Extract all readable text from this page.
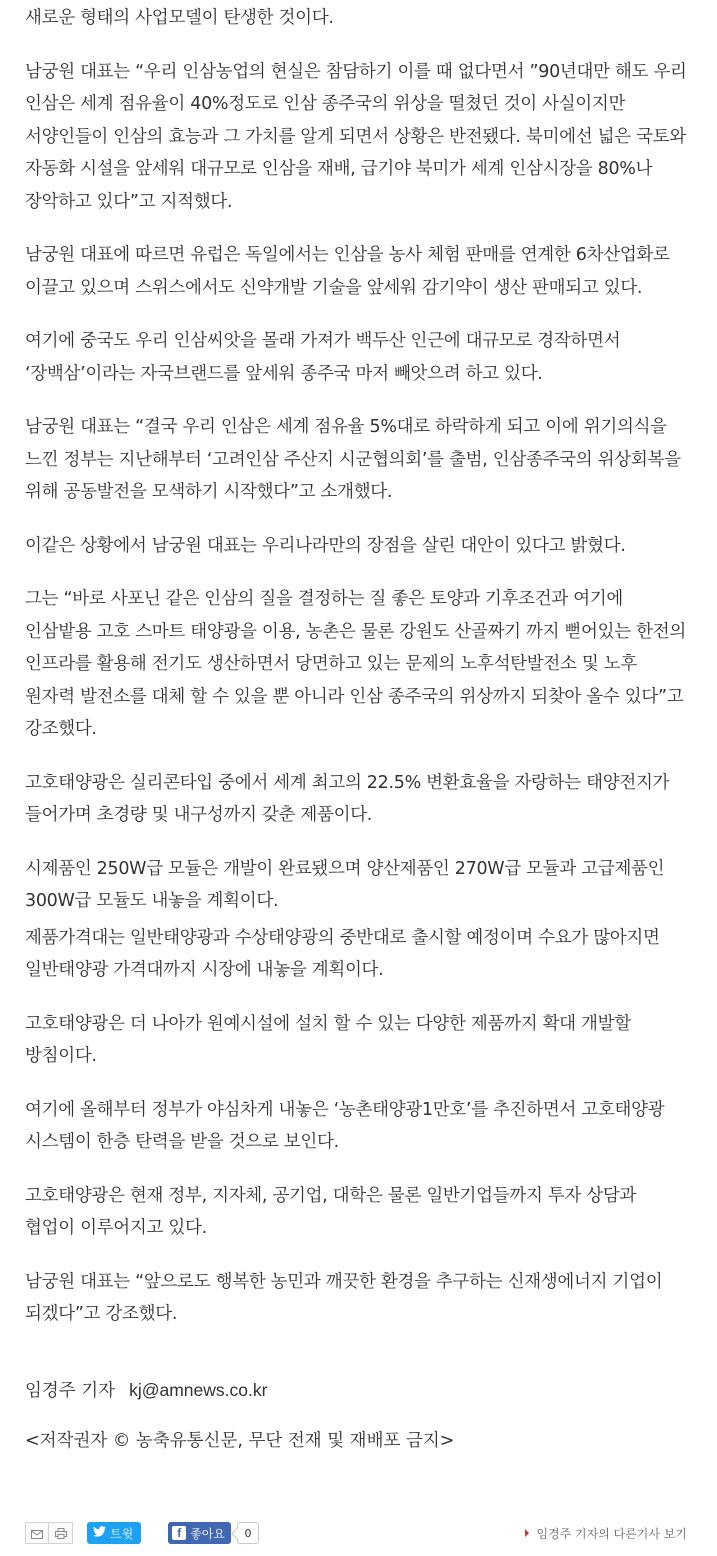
새로운 형태의 사업모델이 탄생한 것이다.

남궁원 대표는 “우리 인삼농업의 현실은 참담하기 이를 때 없다면서 ”90년대만 해도 우리 인삼은 세계 점유율이 40%정도로 인삼 종주국의 위상을 떨쳤던 것이 사실이지만 서양인들이 인삼의 효능과 그 가치를 알게 되면서 상황은 반전됐다. 북미에선 넓은 국토와 자동화 시설을 앞세워 대규모로 인삼을 재배, 급기야 북미가 세계 인삼시장을 80%나 장악하고 있다”고 지적했다.

남궁원 대표에 따르면 유럽은 독일에서는 인삼을 농사 체험 판매를 연계한 6차산업화로 이끌고 있으며 스위스에서도 신약개발 기술을 앞세워 감기약이 생산 판매되고 있다.

여기에 중국도 우리 인삼씨앗을 몰래 가져가 백두산 인근에 대규모로 경작하면서 ‘장백삼’이라는 자국브랜드를 앞세워 종주국 마저 빼앗으려 하고 있다.

남궁원 대표는 “결국 우리 인삼은 세계 점유율 5%대로 하락하게 되고 이에 위기의식을 느낀 정부는 지난해부터 ‘고려인삼 주산지 시군협의회’를 출범, 인삼종주국의 위상회복을 위해 공동발전을 모색하기 시작했다”고 소개했다.

이같은 상황에서 남궁원 대표는 우리나라만의 장점을 살린 대안이 있다고 밝혔다.

그는 “바로 사포닌 같은 인삼의 질을 결정하는 질 좋은 토양과 기후조건과 여기에 인삼밭용 고호 스마트 태양광을 이용, 농촌은 물론 강원도 산골짜기 까지 뻗어있는 한전의 인프라를 활용해 전기도 생산하면서 당면하고 있는 문제의 노후석탄발전소 및 노후 원자력 발전소를 대체 할 수 있을 뿐 아니라 인삼 종주국의 위상까지 되찾아 올수 있다”고 강조했다.

고호태양광은 실리콘타입 중에서 세계 최고의 22.5% 변환효율을 자랑하는 태양전지가 들어가며 초경량 및 내구성까지 갖춘 제품이다.

시제품인 250W급 모듈은 개발이 완료됐으며 양산제품인 270W급 모듈과 고급제품인 300W급 모듈도 내놓을 계획이다.

제품가격대는 일반태양광과 수상태양광의 중반대로 출시할 예정이며 수요가 많아지면 일반태양광 가격대까지 시장에 내놓을 계획이다.

고호태양광은 더 나아가 원예시설에 설치 할 수 있는 다양한 제품까지 확대 개발할 방침이다.

여기에 올해부터 정부가 야심차게 내놓은 ‘농촌태양광1만호’를 추진하면서 고호태양광 시스템이 한층 탄력을 받을 것으로 보인다.

고호태양광은 현재 정부, 지자체, 공기업, 대학은 물론 일반기업들까지 투자 상담과 협업이 이루어지고 있다.

남궁원 대표는 “앞으로도 행복한 농민과 깨끗한 환경을 추구하는 신재생에너지 기업이 되겠다”고 강조했다.

임경주 기자 kj@amnews.co.kr
<저작권자 © 농축유통신문, 무단 전재 및 재배포 금지>
트윗	f 좋아요	0	임경주 기자의 다른기사 보기
